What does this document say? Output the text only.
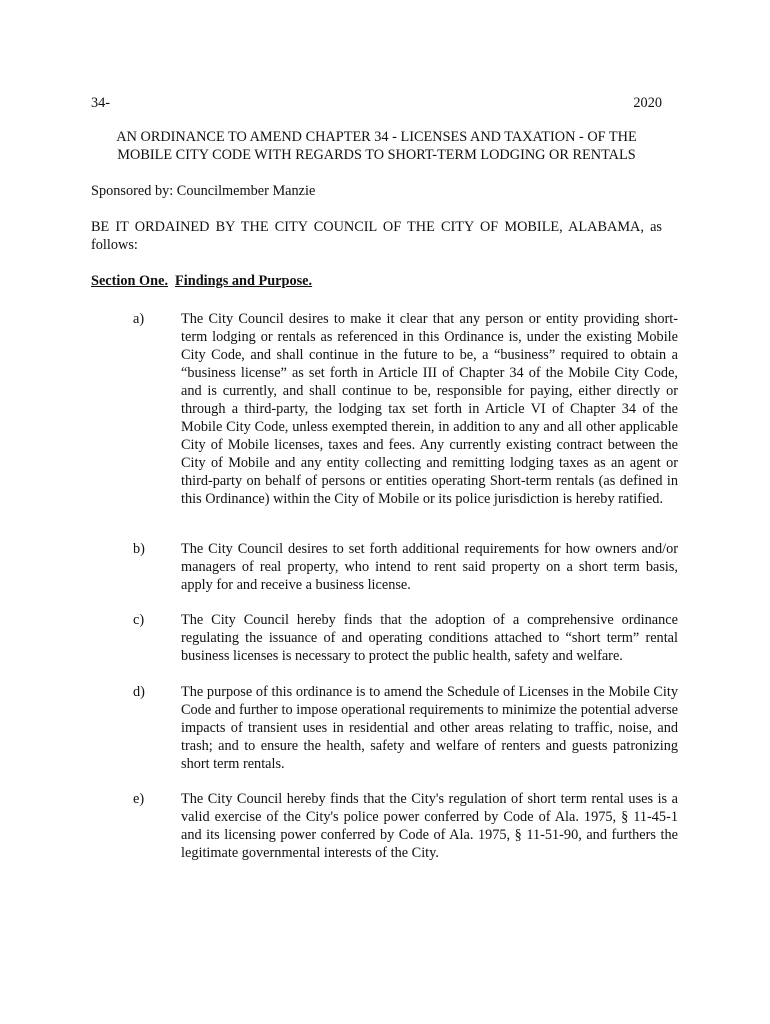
34-	2020
AN ORDINANCE TO AMEND CHAPTER 34 - LICENSES AND TAXATION - OF THE
MOBILE CITY CODE WITH REGARDS TO SHORT-TERM LODGING OR RENTALS
Sponsored by: Councilmember Manzie
BE IT ORDAINED BY THE CITY COUNCIL OF THE CITY OF MOBILE, ALABAMA, as follows:
Section One. Findings and Purpose.
a)	The City Council desires to make it clear that any person or entity providing short-term lodging or rentals as referenced in this Ordinance is, under the existing Mobile City Code, and shall continue in the future to be, a “business” required to obtain a “business license” as set forth in Article III of Chapter 34 of the Mobile City Code, and is currently, and shall continue to be, responsible for paying, either directly or through a third-party, the lodging tax set forth in Article VI of Chapter 34 of the Mobile City Code, unless exempted therein, in addition to any and all other applicable City of Mobile licenses, taxes and fees. Any currently existing contract between the City of Mobile and any entity collecting and remitting lodging taxes as an agent or third-party on behalf of persons or entities operating Short-term rentals (as defined in this Ordinance) within the City of Mobile or its police jurisdiction is hereby ratified.
b)	The City Council desires to set forth additional requirements for how owners and/or managers of real property, who intend to rent said property on a short term basis, apply for and receive a business license.
c)	The City Council hereby finds that the adoption of a comprehensive ordinance regulating the issuance of and operating conditions attached to “short term” rental business licenses is necessary to protect the public health, safety and welfare.
d)	The purpose of this ordinance is to amend the Schedule of Licenses in the Mobile City Code and further to impose operational requirements to minimize the potential adverse impacts of transient uses in residential and other areas relating to traffic, noise, and trash; and to ensure the health, safety and welfare of renters and guests patronizing short term rentals.
e)	The City Council hereby finds that the City's regulation of short term rental uses is a valid exercise of the City's police power conferred by Code of Ala. 1975, § 11-45-1 and its licensing power conferred by Code of Ala. 1975, § 11-51-90, and furthers the legitimate governmental interests of the City.
